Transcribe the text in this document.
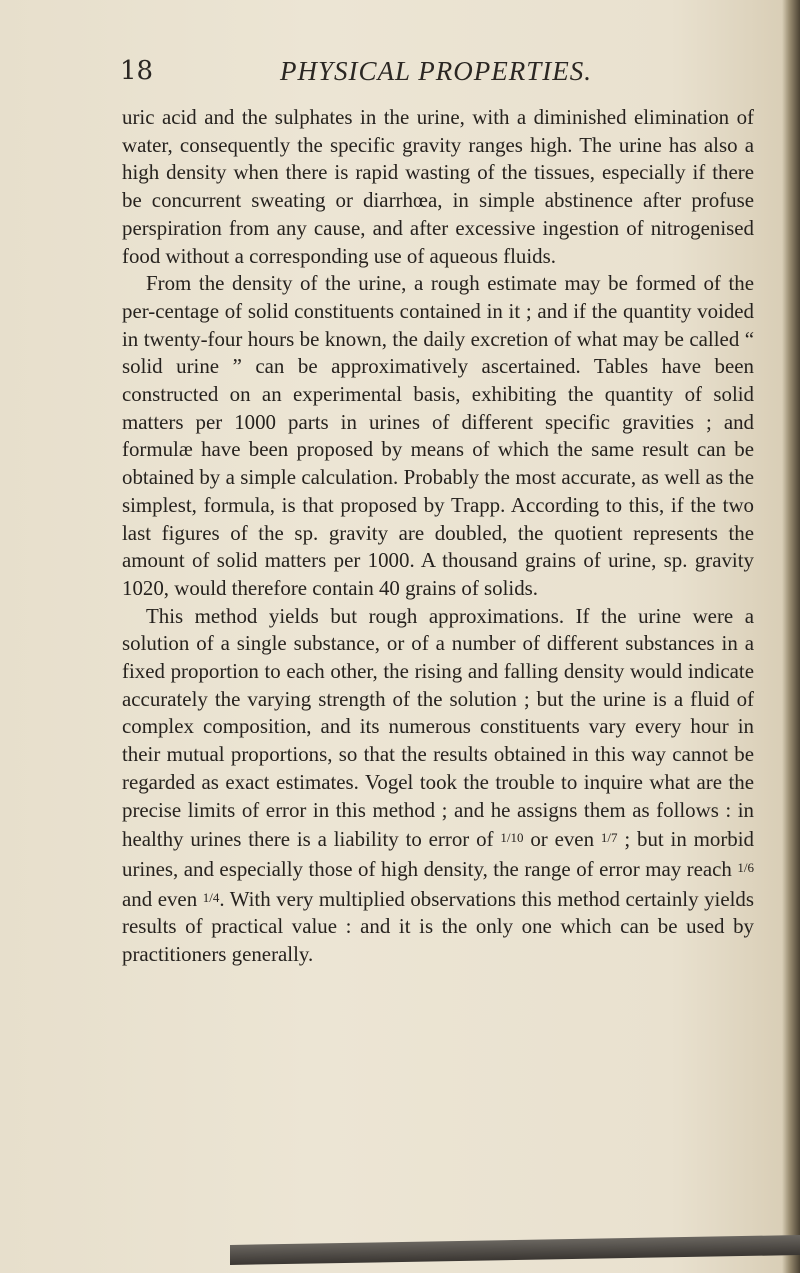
18	PHYSICAL PROPERTIES.

uric acid and the sulphates in the urine, with a diminished elimination of water, consequently the specific gravity ranges high. The urine has also a high density when there is rapid wasting of the tissues, especially if there be concurrent sweating or diarrhœa, in simple abstinence after profuse perspiration from any cause, and after excessive ingestion of nitrogenised food without a corresponding use of aqueous fluids.

From the density of the urine, a rough estimate may be formed of the per-centage of solid constituents contained in it ; and if the quantity voided in twenty-four hours be known, the daily excretion of what may be called “ solid urine ” can be approximatively ascertained. Tables have been constructed on an experimental basis, exhibiting the quantity of solid matters per 1000 parts in urines of different specific gravities ; and formulæ have been proposed by means of which the same result can be obtained by a simple calculation. Probably the most accurate, as well as the simplest, formula, is that proposed by Trapp. According to this, if the two last figures of the sp. gravity are doubled, the quotient represents the amount of solid matters per 1000. A thousand grains of urine, sp. gravity 1020, would therefore contain 40 grains of solids.

This method yields but rough approximations. If the urine were a solution of a single substance, or of a number of different substances in a fixed proportion to each other, the rising and falling density would indicate accurately the varying strength of the solution ; but the urine is a fluid of complex composition, and its numerous constituents vary every hour in their mutual proportions, so that the results obtained in this way cannot be regarded as exact estimates. Vogel took the trouble to inquire what are the precise limits of error in this method ; and he assigns them as follows : in healthy urines there is a liability to error of 1/10 or even 1/7 ; but in morbid urines, and especially those of high density, the range of error may reach 1/6 and even 1/4. With very multiplied observations this method certainly yields results of practical value : and it is the only one which can be used by practitioners generally.
